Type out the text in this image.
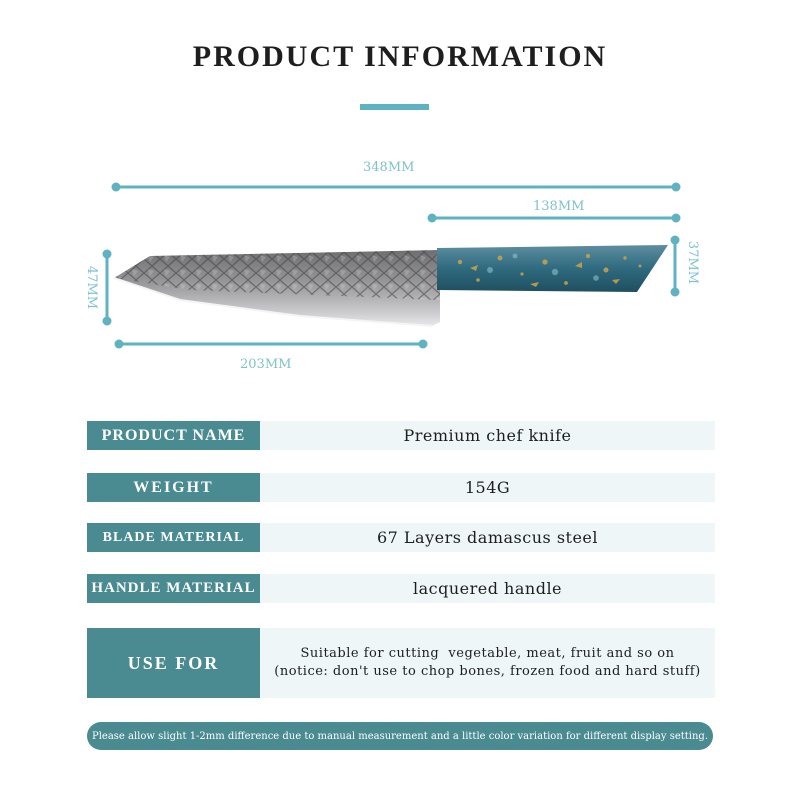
PRODUCT INFORMATION
348MM
138MM
47MM
37MM
203MM
PRODUCT NAME	Premium chef knife
WEIGHT	154G
BLADE MATERIAL	67 Layers damascus steel
HANDLE MATERIAL	lacquered handle
USE FOR	Suitable for cutting  vegetable, meat, fruit and so on
(notice: don't use to chop bones, frozen food and hard stuff)
Please allow slight 1-2mm difference due to manual measurement and a little color variation for different display setting.
